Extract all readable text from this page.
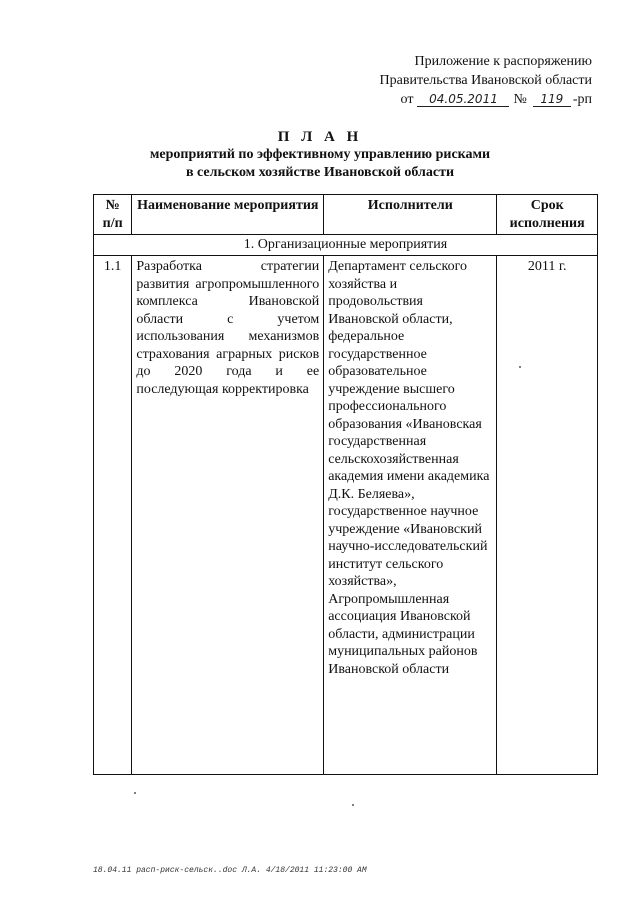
Приложение к распоряжению
Правительства Ивановской области
от	04.05.2011	№	119 -рп
П Л А Н
мероприятий по эффективному управлению рисками
в сельском хозяйстве Ивановской области
№ п/п	Наименование мероприятия	Исполнители	Срок исполнения
1. Организационные мероприятия			
1.1	Разработка стратегии развития агропромышленного комплекса Ивановской области с учетом использования механизмов страхования аграрных рисков до 2020 года и ее последующая корректировка	Департамент сельского хозяйства и продовольствия Ивановской области, федеральное государственное образовательное учреждение высшего профессионального образования «Ивановская государственная сельскохозяйственная академия имени академика Д.К. Беляева», государственное научное учреждение «Ивановский научно-исследовательский институт сельского хозяйства», Агропромышленная ассоциация Ивановской области, администрации муниципальных районов Ивановской области	2011 г.
18.04.11 расп-риск-сельск..doc Л.А. 4/18/2011 11:23:00 AM
